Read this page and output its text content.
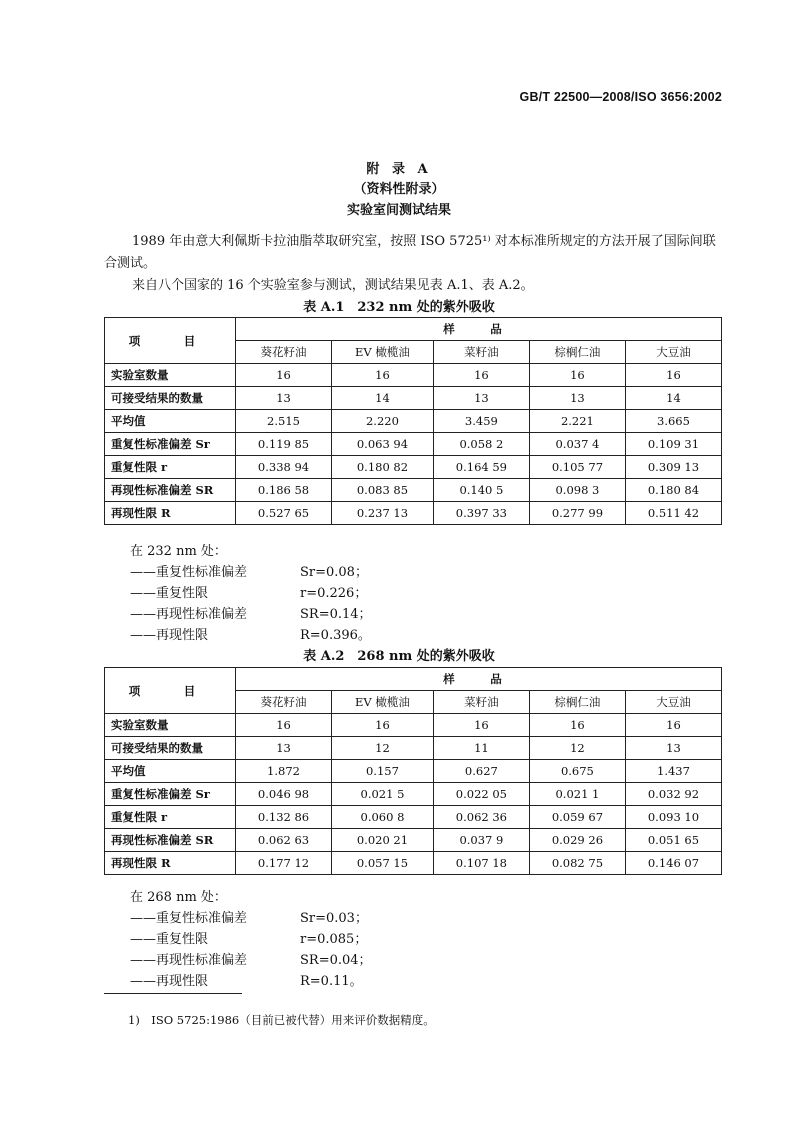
GB/T 22500—2008/ISO 3656:2002
附 录 A
（资料性附录）
实验室间测试结果
1989 年由意大利佩斯卡拉油脂萃取研究室，按照 ISO 5725¹⁾ 对本标准所规定的方法开展了国际间联合测试。
来自八个国家的 16 个实验室参与测试，测试结果见表 A.1、表 A.2。
表 A.1　232 nm 处的紫外吸收
项　目	样　品				
	葵花籽油	EV 橄榄油	菜籽油	棕榈仁油	大豆油
实验室数量	16	16	16	16	16
可接受结果的数量	13	14	13	13	14
平均值	2.515	2.220	3.459	2.221	3.665
重复性标准偏差 Sr	0.119 85	0.063 94	0.058 2	0.037 4	0.109 31
重复性限 r	0.338 94	0.180 82	0.164 59	0.105 77	0.309 13
再现性标准偏差 SR	0.186 58	0.083 85	0.140 5	0.098 3	0.180 84
再现性限 R	0.527 65	0.237 13	0.397 33	0.277 99	0.511 42
在 232 nm 处：
——重复性标准偏差	Sr=0.08；
——重复性限	r=0.226；
——再现性标准偏差	SR=0.14；
——再现性限	R=0.396。
表 A.2　268 nm 处的紫外吸收
项　目	样　品				
	葵花籽油	EV 橄榄油	菜籽油	棕榈仁油	大豆油
实验室数量	16	16	16	16	16
可接受结果的数量	13	12	11	12	13
平均值	1.872	0.157	0.627	0.675	1.437
重复性标准偏差 Sr	0.046 98	0.021 5	0.022 05	0.021 1	0.032 92
重复性限 r	0.132 86	0.060 8	0.062 36	0.059 67	0.093 10
再现性标准偏差 SR	0.062 63	0.020 21	0.037 9	0.029 26	0.051 65
再现性限 R	0.177 12	0.057 15	0.107 18	0.082 75	0.146 07
在 268 nm 处：
——重复性标准偏差	Sr=0.03；
——重复性限	r=0.085；
——再现性标准偏差	SR=0.04；
——再现性限	R=0.11。
1)　ISO 5725:1986（目前已被代替）用来评价数据精度。
